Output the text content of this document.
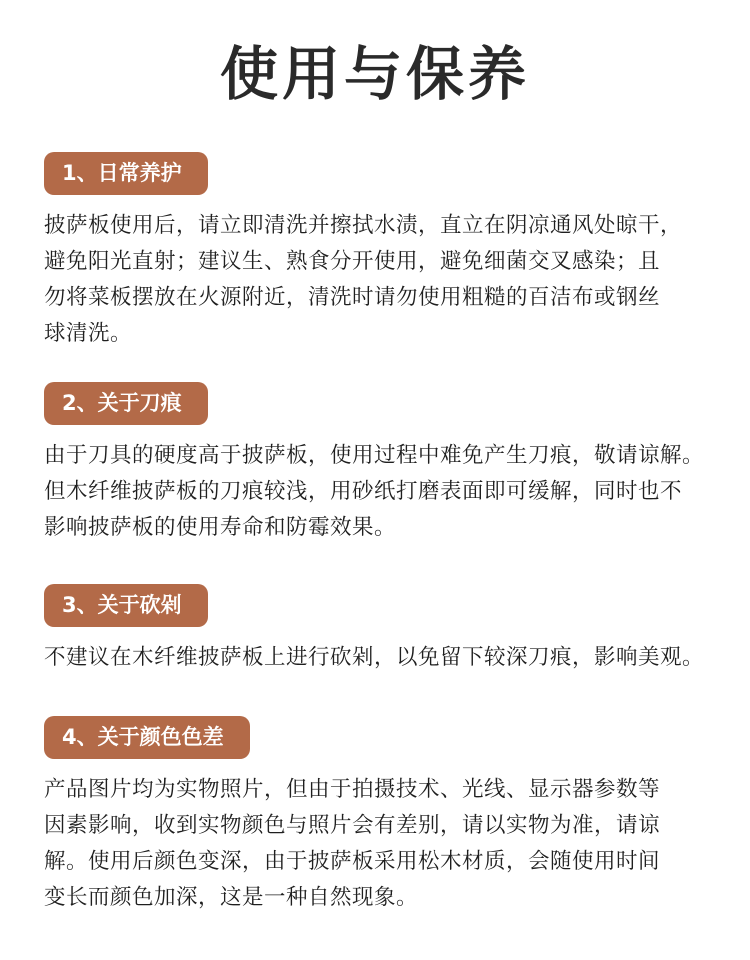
使用与保养
1、日常养护
披萨板使用后，请立即清洗并擦拭水渍，直立在阴凉通风处晾干，
避免阳光直射；建议生、熟食分开使用，避免细菌交叉感染；且
勿将菜板摆放在火源附近，清洗时请勿使用粗糙的百洁布或钢丝
球清洗。
2、关于刀痕
由于刀具的硬度高于披萨板，使用过程中难免产生刀痕，敬请谅解。
但木纤维披萨板的刀痕较浅，用砂纸打磨表面即可缓解，同时也不
影响披萨板的使用寿命和防霉效果。
3、关于砍剁
不建议在木纤维披萨板上进行砍剁，以免留下较深刀痕，影响美观。
4、关于颜色色差
产品图片均为实物照片，但由于拍摄技术、光线、显示器参数等
因素影响，收到实物颜色与照片会有差别，请以实物为准，请谅
解。使用后颜色变深，由于披萨板采用松木材质，会随使用时间
变长而颜色加深，这是一种自然现象。
